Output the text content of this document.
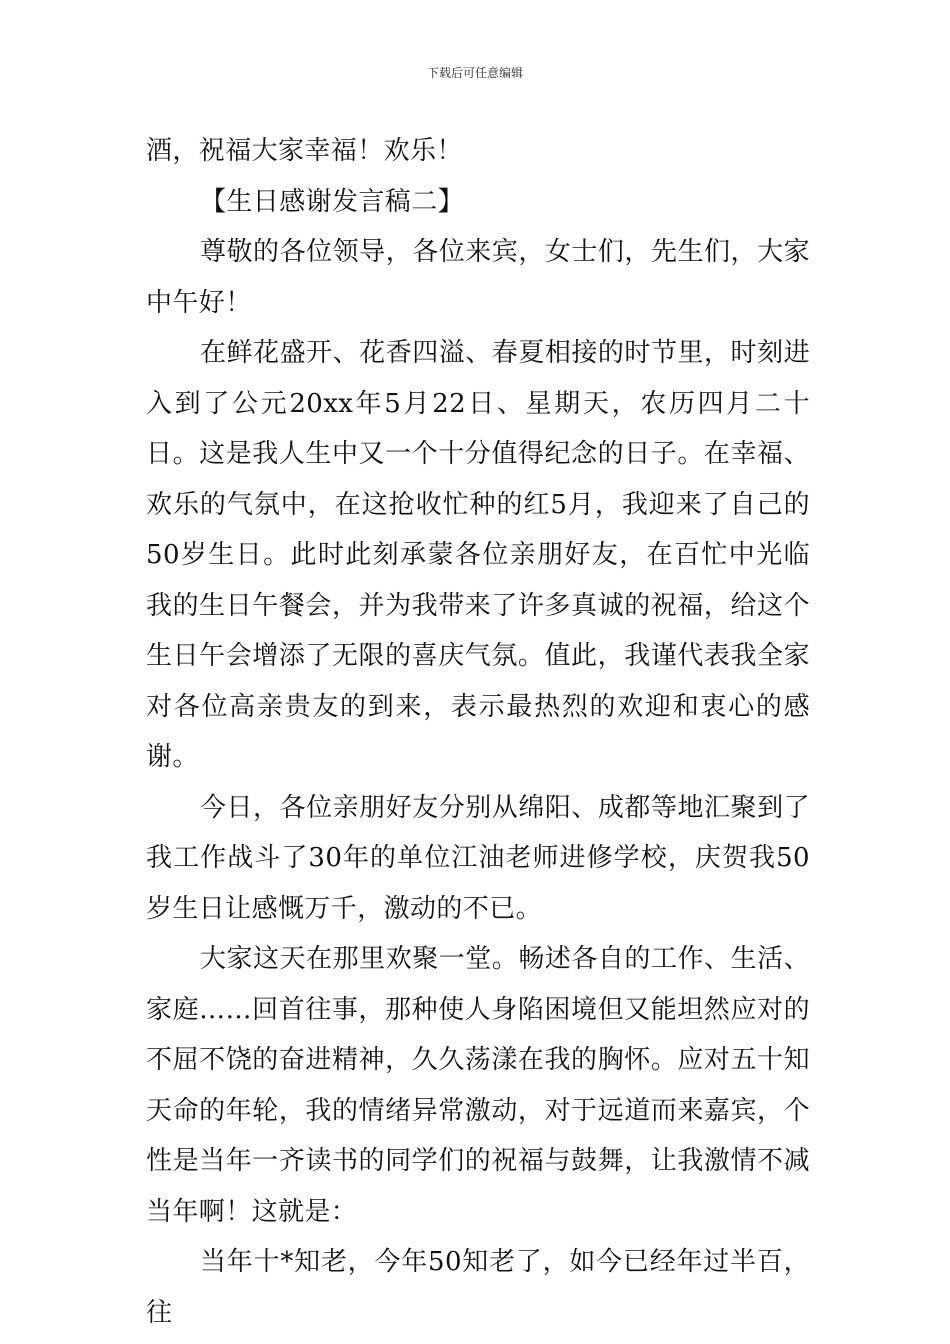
下载后可任意编辑

酒，祝福大家幸福！欢乐！

【生日感谢发言稿二】

尊敬的各位领导，各位来宾，女士们，先生们，大家中午好！

在鲜花盛开、花香四溢、春夏相接的时节里，时刻进入到了公元20xx年5月22日、星期天，农历四月二十日。这是我人生中又一个十分值得纪念的日子。在幸福、欢乐的气氛中，在这抢收忙种的红5月，我迎来了自己的50岁生日。此时此刻承蒙各位亲朋好友，在百忙中光临我的生日午餐会，并为我带来了许多真诚的祝福，给这个生日午会增添了无限的喜庆气氛。值此，我谨代表我全家对各位高亲贵友的到来，表示最热烈的欢迎和衷心的感谢。

今日，各位亲朋好友分别从绵阳、成都等地汇聚到了我工作战斗了30年的单位江油老师进修学校，庆贺我50岁生日让感慨万千，激动的不已。

大家这天在那里欢聚一堂。畅述各自的工作、生活、家庭……回首往事，那种使人身陷困境但又能坦然应对的不屈不饶的奋进精神，久久荡漾在我的胸怀。应对五十知天命的年轮，我的情绪异常激动，对于远道而来嘉宾，个性是当年一齐读书的同学们的祝福与鼓舞，让我激情不减当年啊！这就是：

当年十*知老，今年50知老了，如今已经年过半百，往
